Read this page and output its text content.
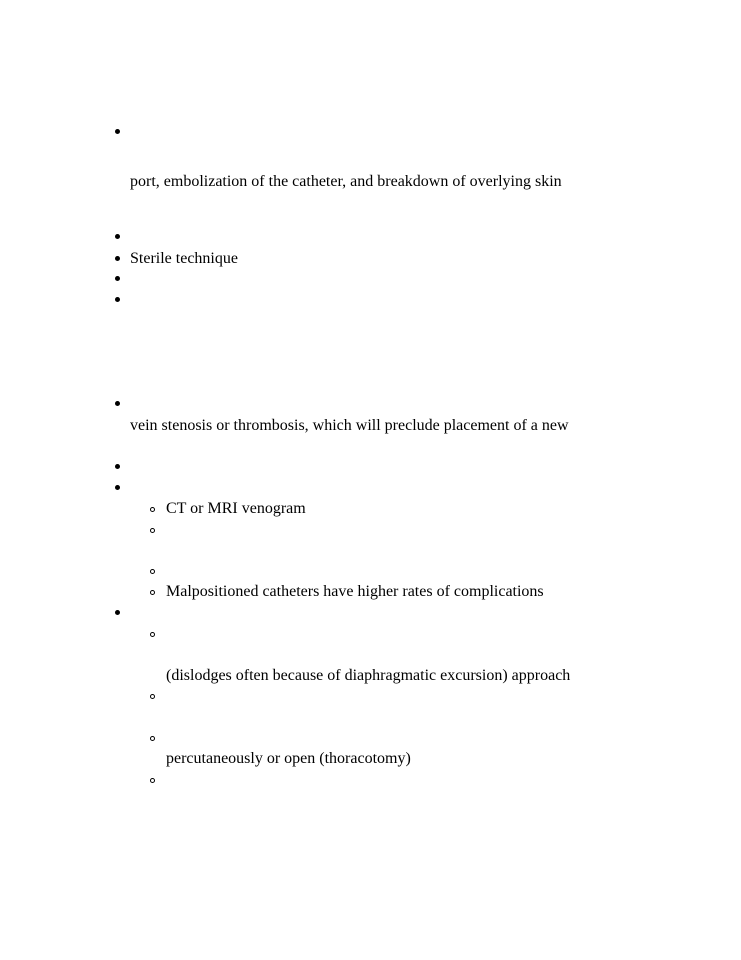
port, embolization of the catheter, and breakdown of overlying skin
Sterile technique
vein stenosis or thrombosis, which will preclude placement of a new
CT or MRI venogram
Malpositioned catheters have higher rates of complications
(dislodges often because of diaphragmatic excursion) approach
percutaneously or open (thoracotomy)
